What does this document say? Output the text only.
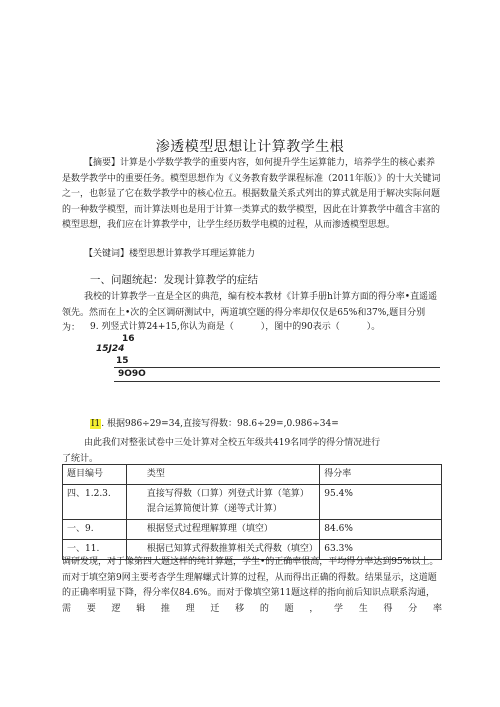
渗透模型思想让计算教学生根
【摘要】计算是小学数学教学的重要内容，如何提升学生运算能力，培养学生的核心素养是数学教学中的重要任务。模型思想作为《义务教育数学课程标准（2011年版）》的十大关键词之一，也彰显了它在数学教学中的核心位五。根据数量关系式列出的算式就是用于解决实际问题的一种数学模型，而计算法则也是用于计算一类算式的数学模型，因此在计算教学中蕴含丰富的模型思想，我们应在计算教学中，让学生经历数学电模的过程，从而渗透模型思想。
【关键词】楼型思想计算教学耳理运算能力
一、问题统起：发现计算教学的症结
我校的计算教学一直是全区的典范，编有校本教材《计算手册h计算方面的得分率•直遥遥领先。然而在上•次的全区调研测试中，两道填空题的得分率却仅仅是65%和37%,题目分别为：	9. 列竖式计算24+15,你认为商是（　　　），图中的90表示（　　　）。
16
15J24
15
9O9O
I1. 根据986÷29=34,直接写得数：98.6÷29=,0.986÷34=
由此我们对整张试卷中三处计算对全校五年级共419名同学的得分情况进行
了统计。
题目编号	类型	得分率
四、1.2.3.	直接写得数（口算）列登式计算（笔算）混合运算简便计算（递等式计算）	95.4%
一、9.	根据竖式过程理解算理（填空）	84.6%
一、11.	根据已知算式得数推算相关式得数（填空）	63.3%
调研发现，对于像第四大题这样的纯计算题，学生•的正确率很高，平均得分率达到95%以上。而对于填空第9网主要考杳学生理解螺式计算的过程，从而得出正确的得数。结果显示，这道题的正确率明显下降，得分率仅84.6%。而对于像填空第11题这样的指向前后知识点联系沟通，
需要逻辑推理迁移的题，学生得分率
